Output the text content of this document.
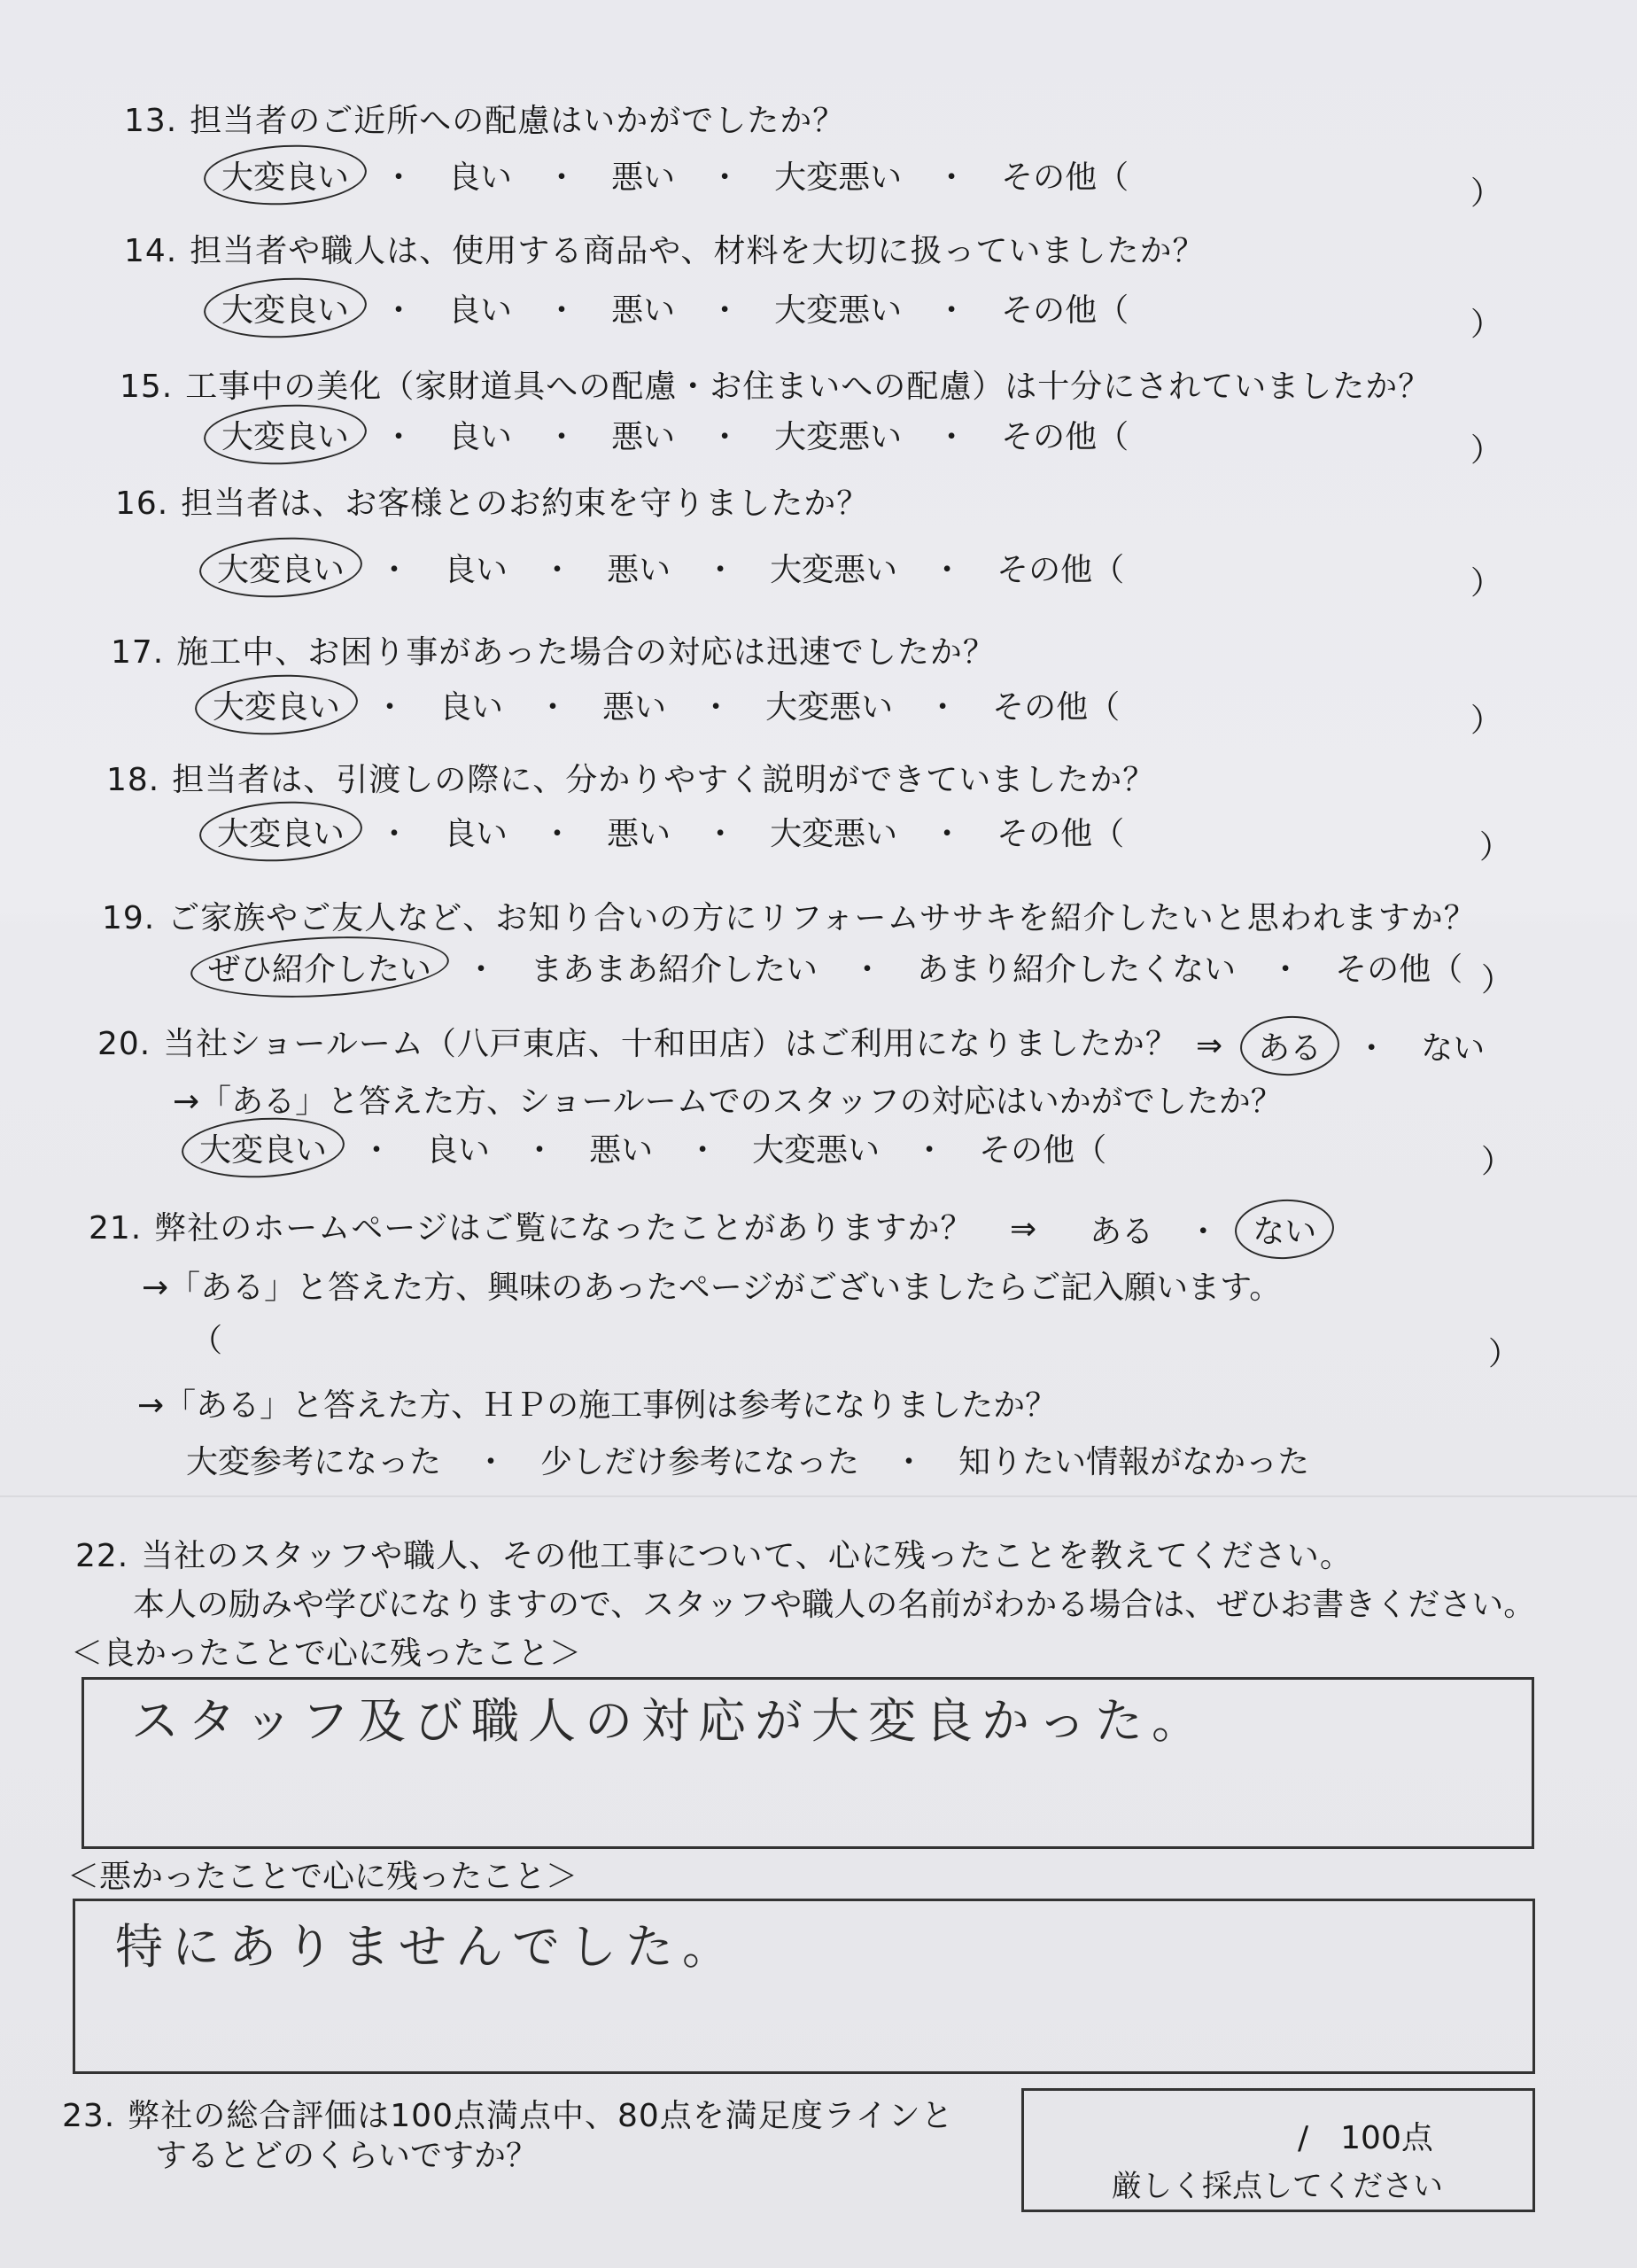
13. 担当者のご近所への配慮はいかがでしたか？
大変良い ・ 良い ・ 悪い ・ 大変悪い ・ その他（	）
14. 担当者や職人は、使用する商品や、材料を大切に扱っていましたか？
大変良い ・ 良い ・ 悪い ・ 大変悪い ・ その他（	）
15. 工事中の美化（家財道具への配慮・お住まいへの配慮）は十分にされていましたか？
大変良い ・ 良い ・ 悪い ・ 大変悪い ・ その他（	）
16. 担当者は、お客様とのお約束を守りましたか？
大変良い ・ 良い ・ 悪い ・ 大変悪い ・ その他（	）
17. 施工中、お困り事があった場合の対応は迅速でしたか？
大変良い ・ 良い ・ 悪い ・ 大変悪い ・ その他（	）
18. 担当者は、引渡しの際に、分かりやすく説明ができていましたか？
大変良い ・ 良い ・ 悪い ・ 大変悪い ・ その他（	）
19. ご家族やご友人など、お知り合いの方にリフォームササキを紹介したいと思われますか？
ぜひ紹介したい ・ まあまあ紹介したい ・ あまり紹介したくない ・ その他（ ）
20. 当社ショールーム（八戸東店、十和田店）はご利用になりましたか？ ⇒ ある ・ ない
→「ある」と答えた方、ショールームでのスタッフの対応はいかがでしたか？
大変良い ・ 良い ・ 悪い ・ 大変悪い ・ その他（	）
21. 弊社のホームページはご覧になったことがありますか？ ⇒ ある ・ ない
→「ある」と答えた方、興味のあったページがございましたらご記入願います。
（	）
→「ある」と答えた方、ＨＰの施工事例は参考になりましたか？
大変参考になった ・ 少しだけ参考になった ・ 知りたい情報がなかった
22. 当社のスタッフや職人、その他工事について、心に残ったことを教えてください。
本人の励みや学びになりますので、スタッフや職人の名前がわかる場合は、ぜひお書きください。
＜良かったことで心に残ったこと＞
スタッフ及び職人の対応が大変良かった。
＜悪かったことで心に残ったこと＞
特にありませんでした。
23. 弊社の総合評価は100点満点中、80点を満足度ラインと
するとどのくらいですか？	/　100点
厳しく採点してください
